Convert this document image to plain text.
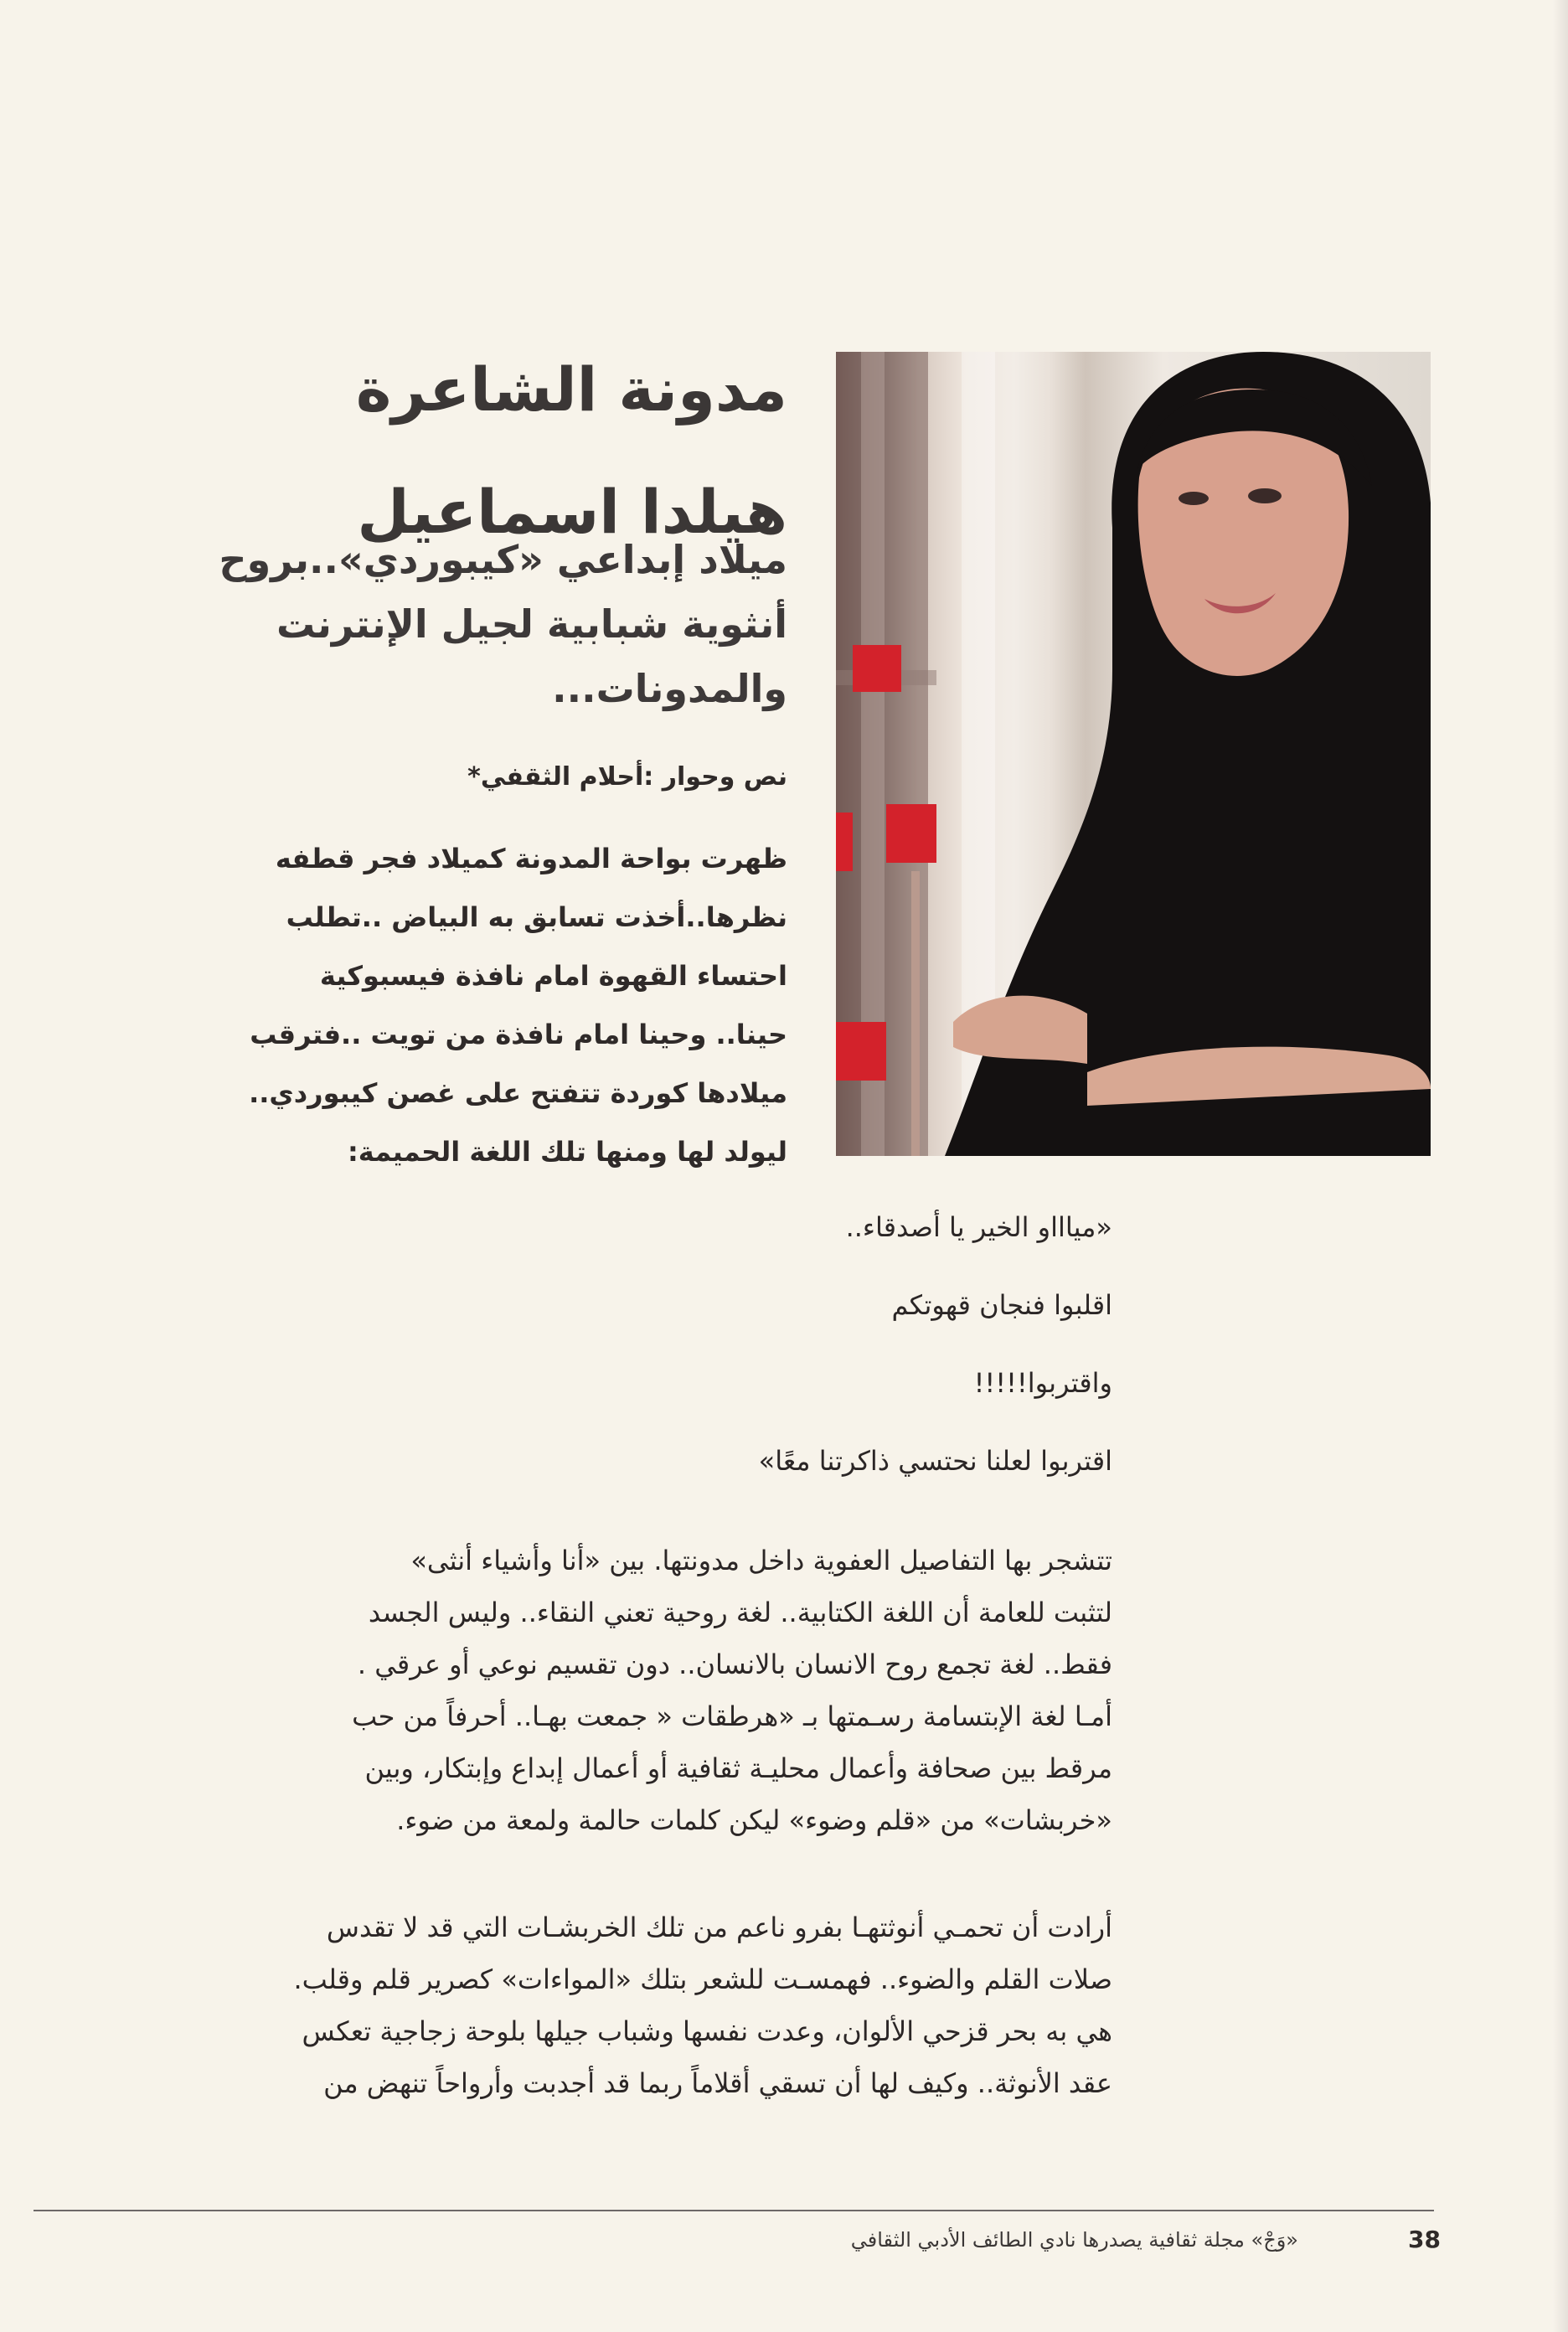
مدونة الشاعرة
هيلدا اسماعيل
ميلاد إبداعي «كيبوردي»..بروح أنثوية شبابية لجيل الإنترنت والمدونات...
نص وحوار :أحلام الثقفي*

ظهرت بواحة المدونة كميلاد فجر قطفه
نظرها..أخذت تسابق به البياض ..تطلب
احتساء القهوة امام نافذة فيسبوكية
حينا.. وحينا امام نافذة من تويت ..فترقب
ميلادها كوردة تتفتح على غصن كيبوردي..
ليولد لها ومنها تلك اللغة الحميمة:

«مياااو الخير يا أصدقاء..
اقلبوا فنجان قهوتكم
واقتربوا!!!!!
اقتربوا لعلنا نحتسي ذاكرتنا معًا»

تتشجر بها التفاصيل العفوية داخل مدونتها. بين «أنا وأشياء أنثى»
لتثبت للعامة أن اللغة الكتابية.. لغة روحية تعني النقاء.. وليس الجسد
فقط.. لغة تجمع روح الانسان بالانسان.. دون تقسيم نوعي أو عرقي .
أمـا لغة الإبتسامة رسـمتها بـ «هرطقات « جمعت بهـا.. أحرفاً من حب
مرقط بين صحافة وأعمال محليـة ثقافية أو أعمال إبداع وإبتكار، وبين
«خربشات» من «قلم وضوء» ليكن كلمات حالمة ولمعة من ضوء.

أرادت أن تحمـي أنوثتهـا بفرو ناعم من تلك الخربشـات التي قد لا تقدس
صلات القلم والضوء.. فهمسـت للشعر بتلك «المواءات» كصرير قلم وقلب.
هي به بحر قزحي الألوان، وعدت نفسها وشباب جيلها بلوحة زجاجية تعكس
عقد الأنوثة.. وكيف لها أن تسقي أقلاماً ربما قد أجدبت وأرواحاً تنهض من

«وَجْ» مجلة ثقافية يصدرها نادي الطائف الأدبي الثقافي	38
